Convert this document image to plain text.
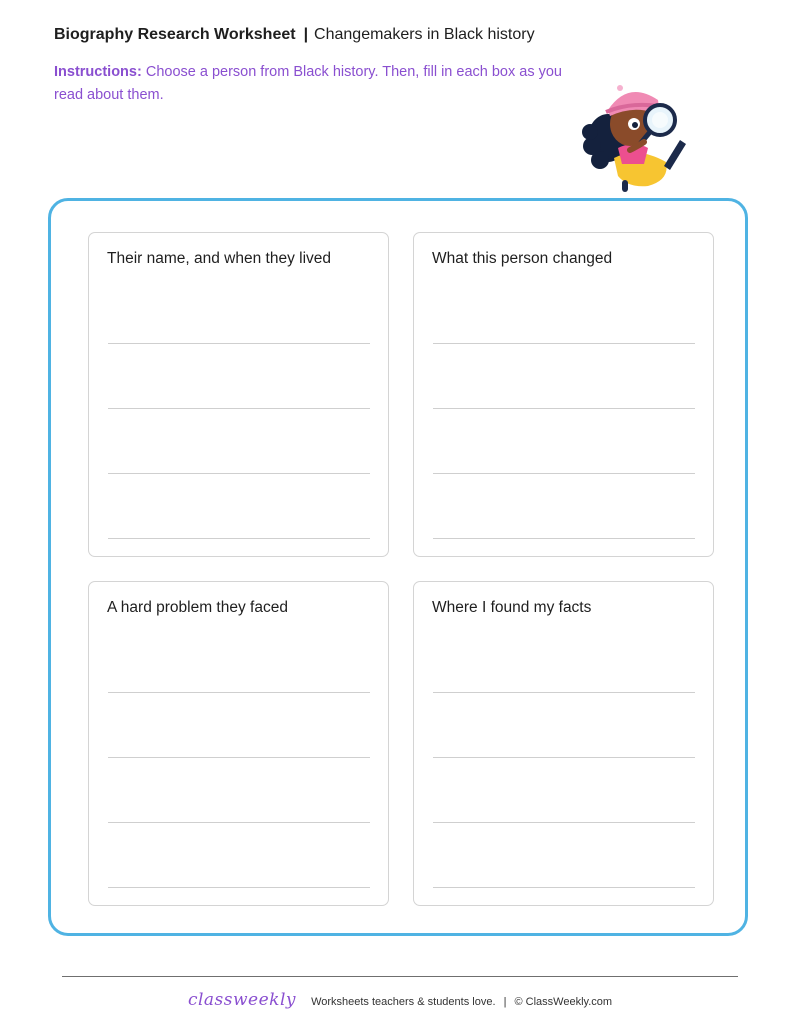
Biography Research Worksheet | Changemakers in Black history
Instructions: Choose a person from Black history. Then, fill in each box as you read about them.
Their name, and when they lived	What this person changed
A hard problem they faced	Where I found my facts
classweekly Worksheets teachers & students love. | © ClassWeekly.com
